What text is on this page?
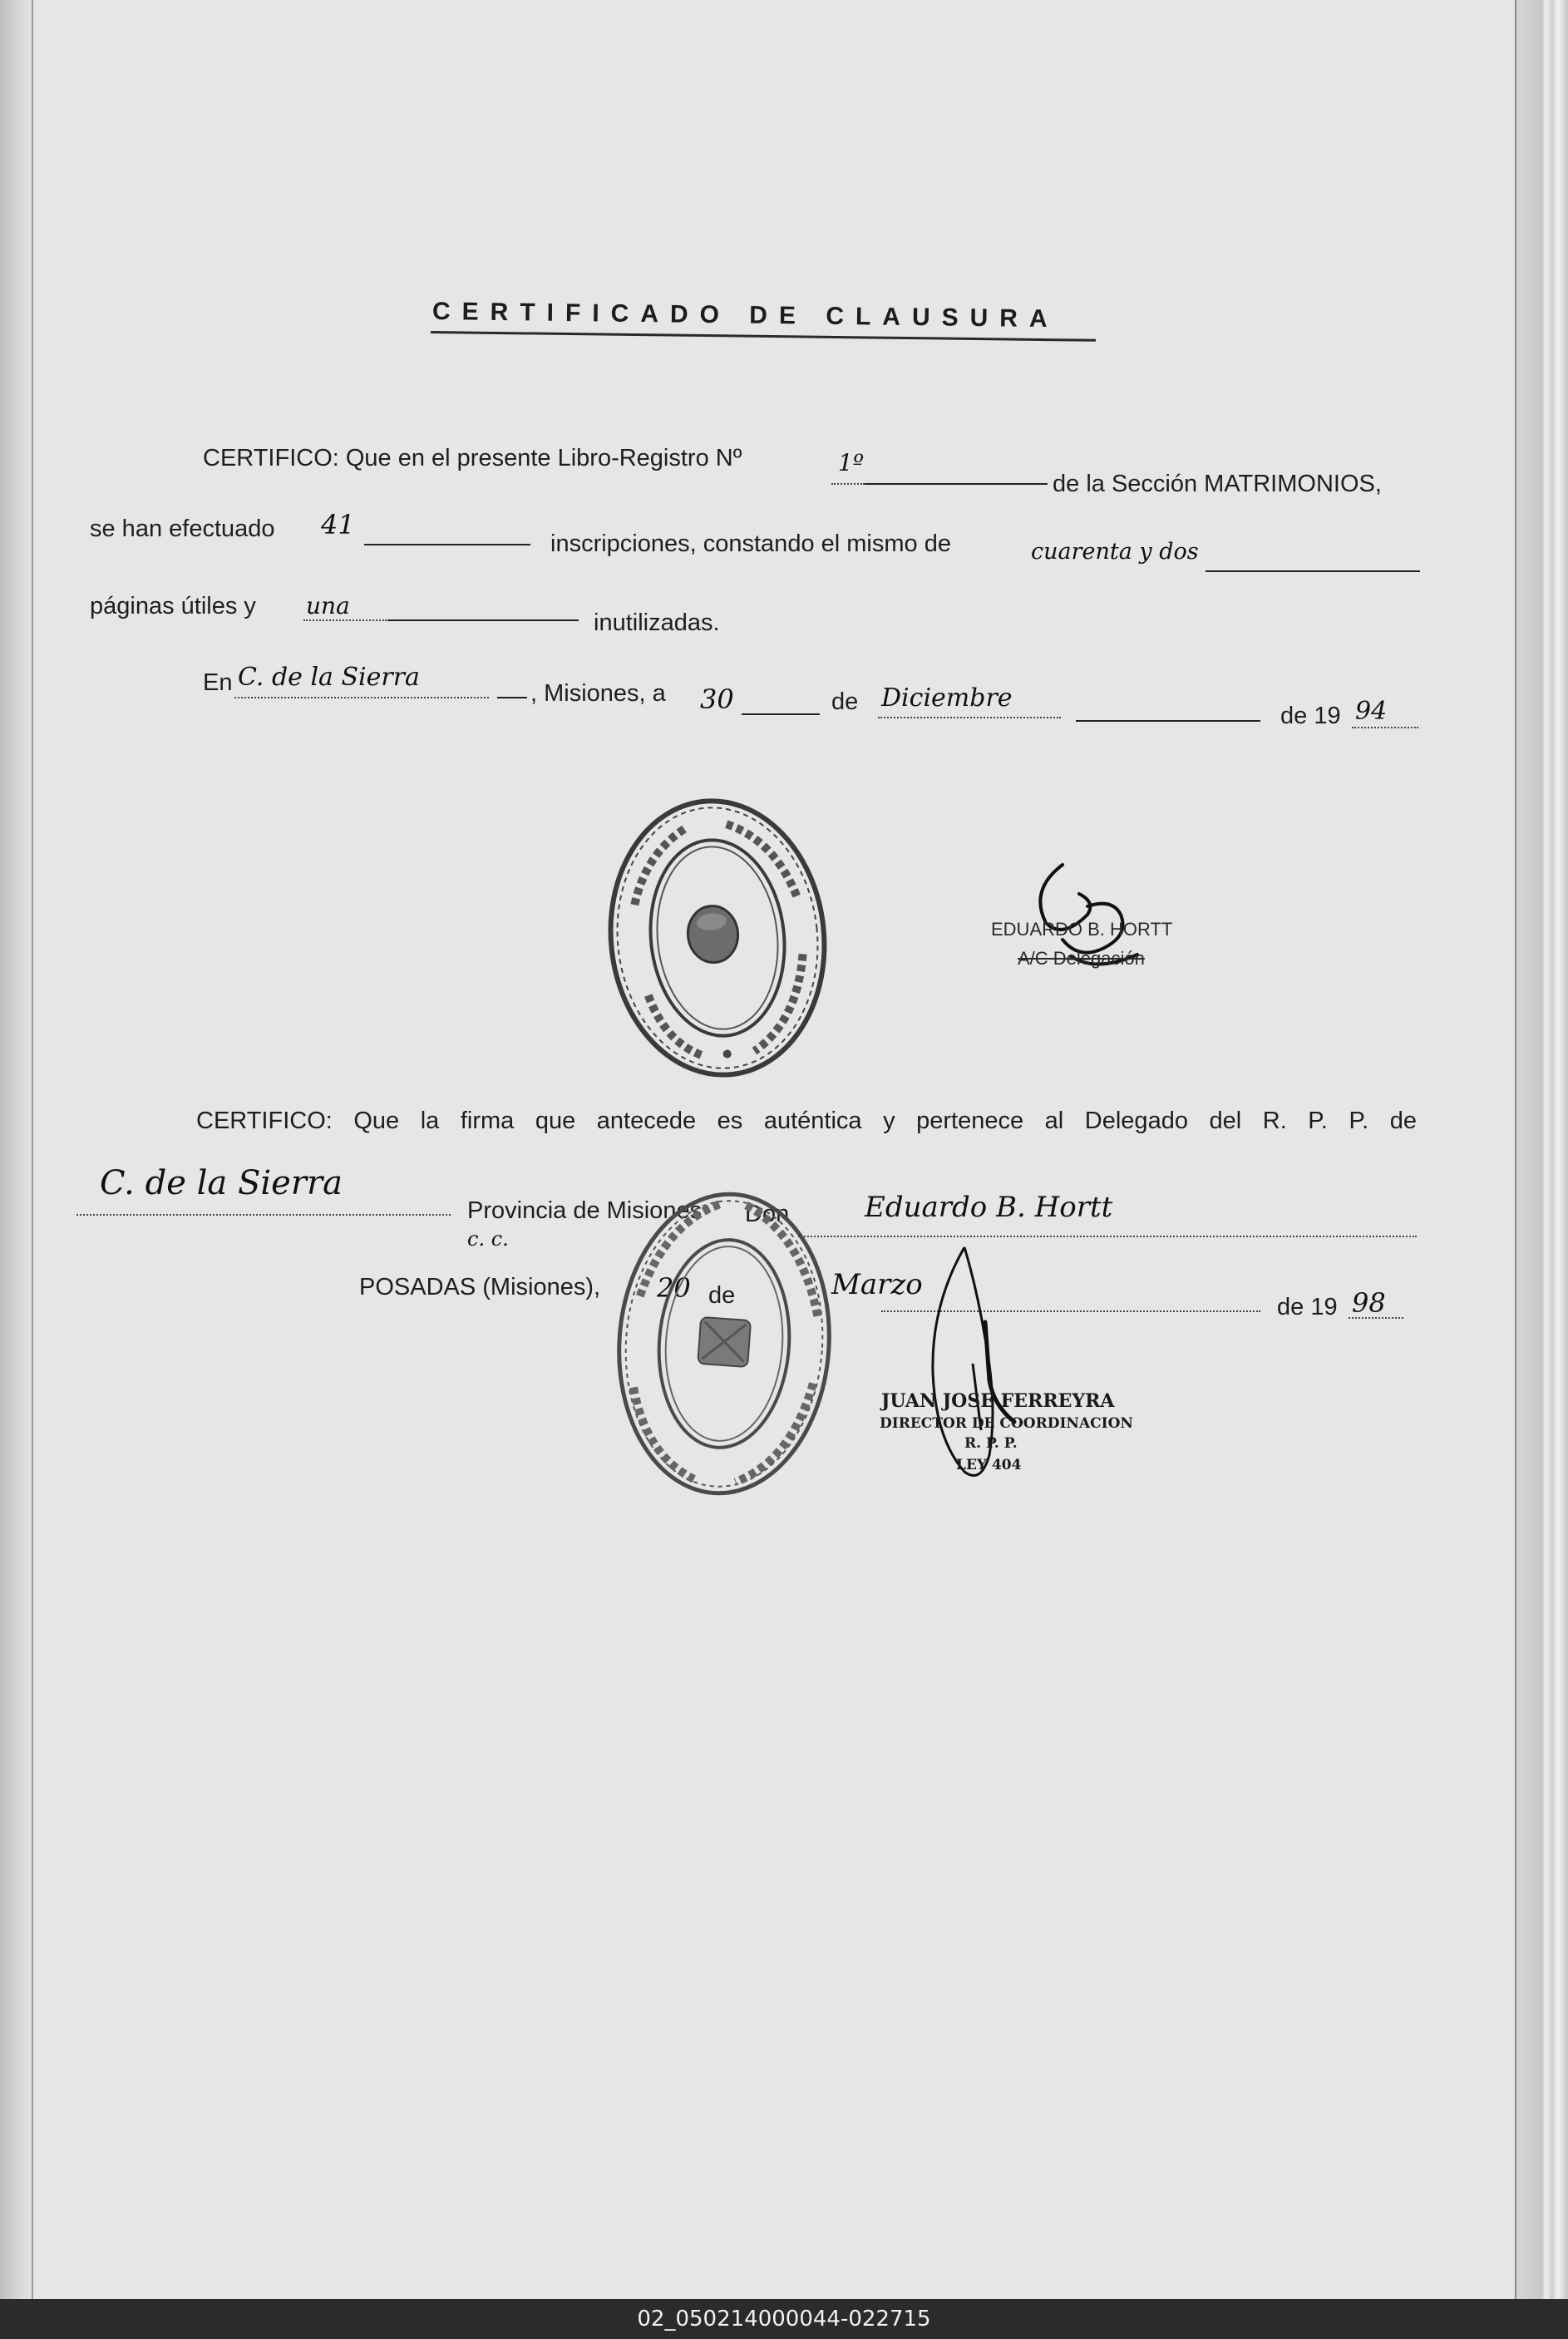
CERTIFICADO DE CLAUSURA
CERTIFICO: Que en el presente Libro-Registro Nº	1º
de la Sección MATRIMONIOS,
se han efectuado 41
inscripciones, constando el mismo de	cuarenta y dos
páginas útiles y una
inutilizadas.
En C. de la Sierra
, Misiones, a 30	de Diciembre
de 19 94
EDUARDO B. HORTT
A/C Delegación
CERTIFICO: Que la firma que antecede es auténtica y pertenece al Delegado del R. P. P. de
C. de la Sierra
Provincia de Misiones Don
c. c.
Eduardo B. Hortt
POSADAS (Misiones), 20 de	Marzo
de 19 98
JUAN JOSE FERREYRA
DIRECTOR DE COORDINACION
R. P. P.
LEY 404
02_050214000044-022715
